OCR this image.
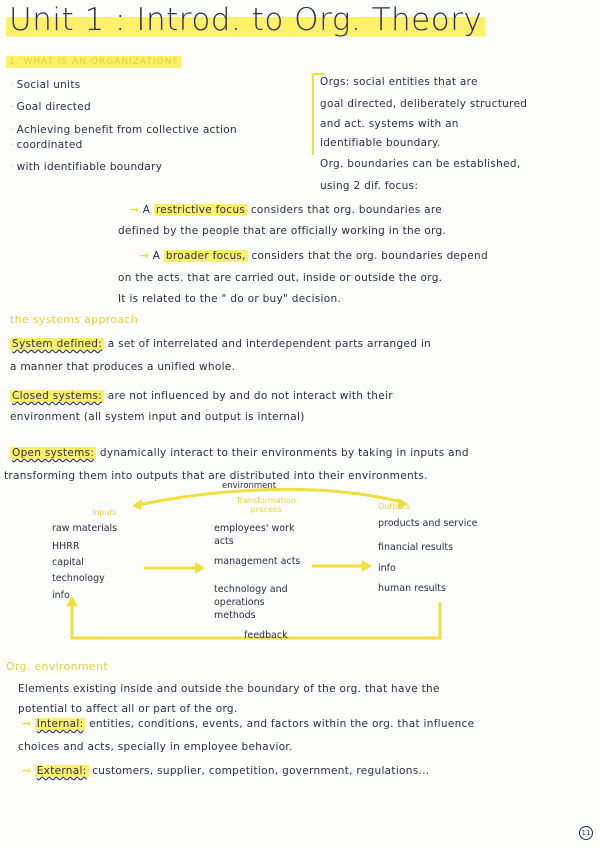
Unit 1 : Introd. to Org. Theory
1. WHAT IS AN ORGANIZATION?
· Social units
· Goal directed
· Achieving benefit from collective action
· coordinated
· with identifiable boundary
Orgs: social entities that are
goal directed, deliberately structured
and act. systems with an
identifiable boundary.
Org. boundaries can be established,
using 2 dif. focus:
→ A restrictive focus considers that org. boundaries are
defined by the people that are officially working in the org.
→ A broader focus, considers that the org. boundaries depend
on the acts. that are carried out, inside or outside the org.
It is related to the " do or buy" decision.
the systems approach
System defined: a set of interrelated and interdependent parts arranged in
a manner that produces a unified whole.
Closed systems: are not influenced by and do not interact with their
environment (all system input and output is internal)
Open systems: dynamically interact to their environments by taking in inputs and
transforming them into outputs that are distributed into their environments.
environment
Inputs
raw materials
HHRR
capital
technology
info
Transformation process
employees' work acts
management acts
technology and operations methods
Outputs
products and service
financial results
info
human results
feedback
Org. environment
Elements existing inside and outside the boundary of the org. that have the
potential to affect all or part of the org.
→ Internal: entities, conditions, events, and factors within the org. that influence
choices and acts, specially in employee behavior.
→ External: customers, supplier, competition, government, regulations...
11
